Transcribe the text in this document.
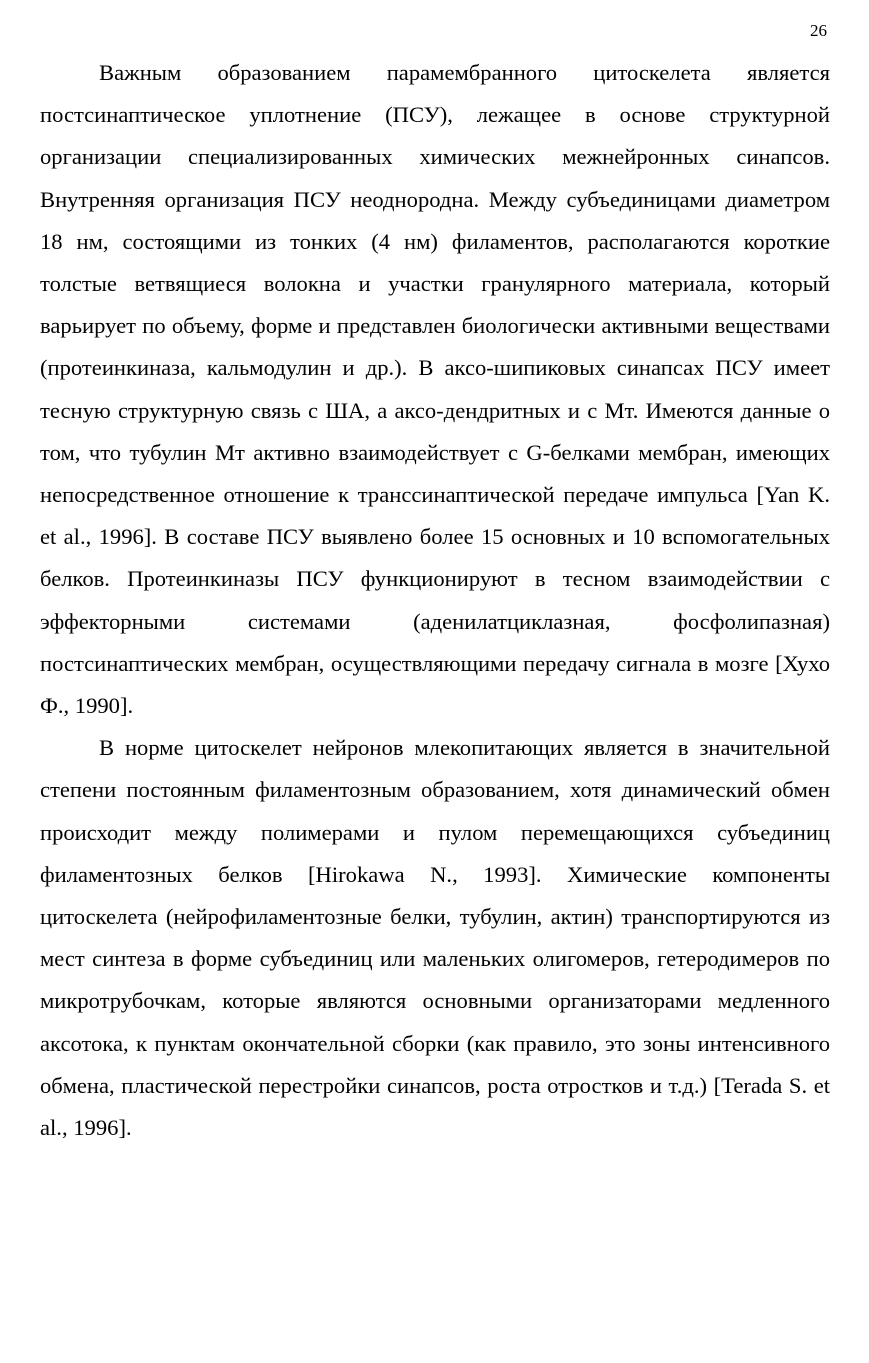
26

Важным образованием парамембранного цитоскелета является постсинаптическое уплотнение (ПСУ), лежащее в основе структурной организации специализированных химических межнейронных синапсов. Внутренняя организация ПСУ неоднородна. Между субъединицами диаметром 18 нм, состоящими из тонких (4 нм) филаментов, располагаются короткие толстые ветвящиеся волокна и участки гранулярного материала, который варьирует по объему, форме и представлен биологически активными веществами (протеинкиназа, кальмодулин и др.). В аксо-шипиковых синапсах ПСУ имеет тесную структурную связь с ША, а аксо-дендритных и с Мт. Имеются данные о том, что тубулин Мт активно взаимодействует с G-белками мембран, имеющих непосредственное отношение к транссинаптической передаче импульса [Yan K. et al., 1996]. В составе ПСУ выявлено более 15 основных и 10 вспомогательных белков. Протеинкиназы ПСУ функционируют в тесном взаимодействии с эффекторными системами (аденилатциклазная, фосфолипазная) постсинаптических мембран, осуществляющими передачу сигнала в мозге [Хухо Ф., 1990].

В норме цитоскелет нейронов млекопитающих является в значительной степени постоянным филаментозным образованием, хотя динамический обмен происходит между полимерами и пулом перемещающихся субъединиц филаментозных белков [Hirokawa N., 1993]. Химические компоненты цитоскелета (нейрофиламентозные белки, тубулин, актин) транспортируются из мест синтеза в форме субъединиц или маленьких олигомеров, гетеродимеров по микротрубочкам, которые являются основными организаторами медленного аксотока, к пунктам окончательной сборки (как правило, это зоны интенсивного обмена, пластической перестройки синапсов, роста отростков и т.д.) [Terada S. et al., 1996].
